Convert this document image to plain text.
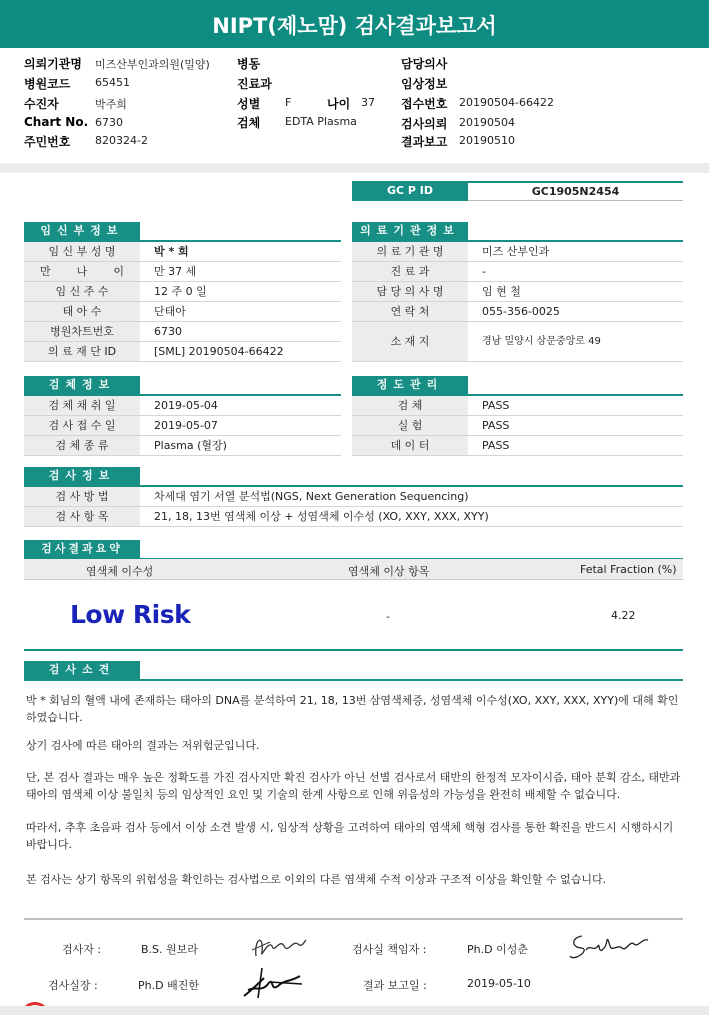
NIPT(제노맘) 검사결과보고서
의뢰기관명 미즈산부인과의원(밀양)
병원코드 65451
수진자	박주희
Chart No. 6730
주민번호 820324-2
병동
진료과
성별 F	나이 37
검체 EDTA Plasma
담당의사
임상정보
접수번호 20190504-66422
검사의뢰 20190504
결과보고 20190510
GC P ID	GC1905N2454
임신부정보
임 신 부 성 명	박 * 희
만 나 이	만 37 세
임 신 주 수	12 주 0 일
태 아 수	단태아
병원차트번호	6730
의 료 재 단 ID	[SML] 20190504-66422
의료기관정보
의 료 기 관 명	미즈 산부인과
진 료 과	-
담 당 의 사 명	임 현 철
연 락 처	055-356-0025
소 재 지	경남 밀양시 삼문중앙로 49
검체정보
검 체 채 취 일	2019-05-04
검 사 접 수 일	2019-05-07
검 체 종 류	Plasma (혈장)
정도관리
검 체	PASS
실 험	PASS
데 이 터	PASS
검사정보
검 사 방 법	차세대 염기 서열 분석법(NGS, Next Generation Sequencing)
검 사 항 목	21, 18, 13번 염색체 이상 + 성염색체 이수성 (XO, XXY, XXX, XYY)
검사결과요약
염색체 이수성	염색체 이상 항목	Fetal Fraction (%)
Low Risk	-	4.22
검사소견
박 * 회님의 혈액 내에 존재하는 태아의 DNA를 분석하여 21, 18, 13번 삼염색체증, 성염색체 이수성(XO, XXY, XXX, XYY)에 대해 확인하였습니다.
상기 검사에 따른 태아의 결과는 저위험군입니다.
단, 본 검사 결과는 매우 높은 정확도를 가진 검사지만 확진 검사가 아닌 선별 검사로서 태반의 한정적 모자이시즘, 태아 분획 감소, 태반과 태아의 염색체 이상 불일치 등의 임상적인 요인 및 기술의 한계 사항으로 인해 위음성의 가능성을 완전히 배제할 수 없습니다.
따라서, 추후 초음파 검사 등에서 이상 소견 발생 시, 임상적 상황을 고려하여 태아의 염색체 핵형 검사를 통한 확진을 반드시 시행하시기 바랍니다.
본 검사는 상기 항목의 위험성을 확인하는 검사법으로 이외의 다른 염색체 수적 이상과 구조적 이상을 확인할 수 없습니다.
검사자 :	B.S. 원보라	검사실 책임자 :	Ph.D 이성춘
검사실장 :	Ph.D 배진한	결과 보고일 :	2019-05-10
